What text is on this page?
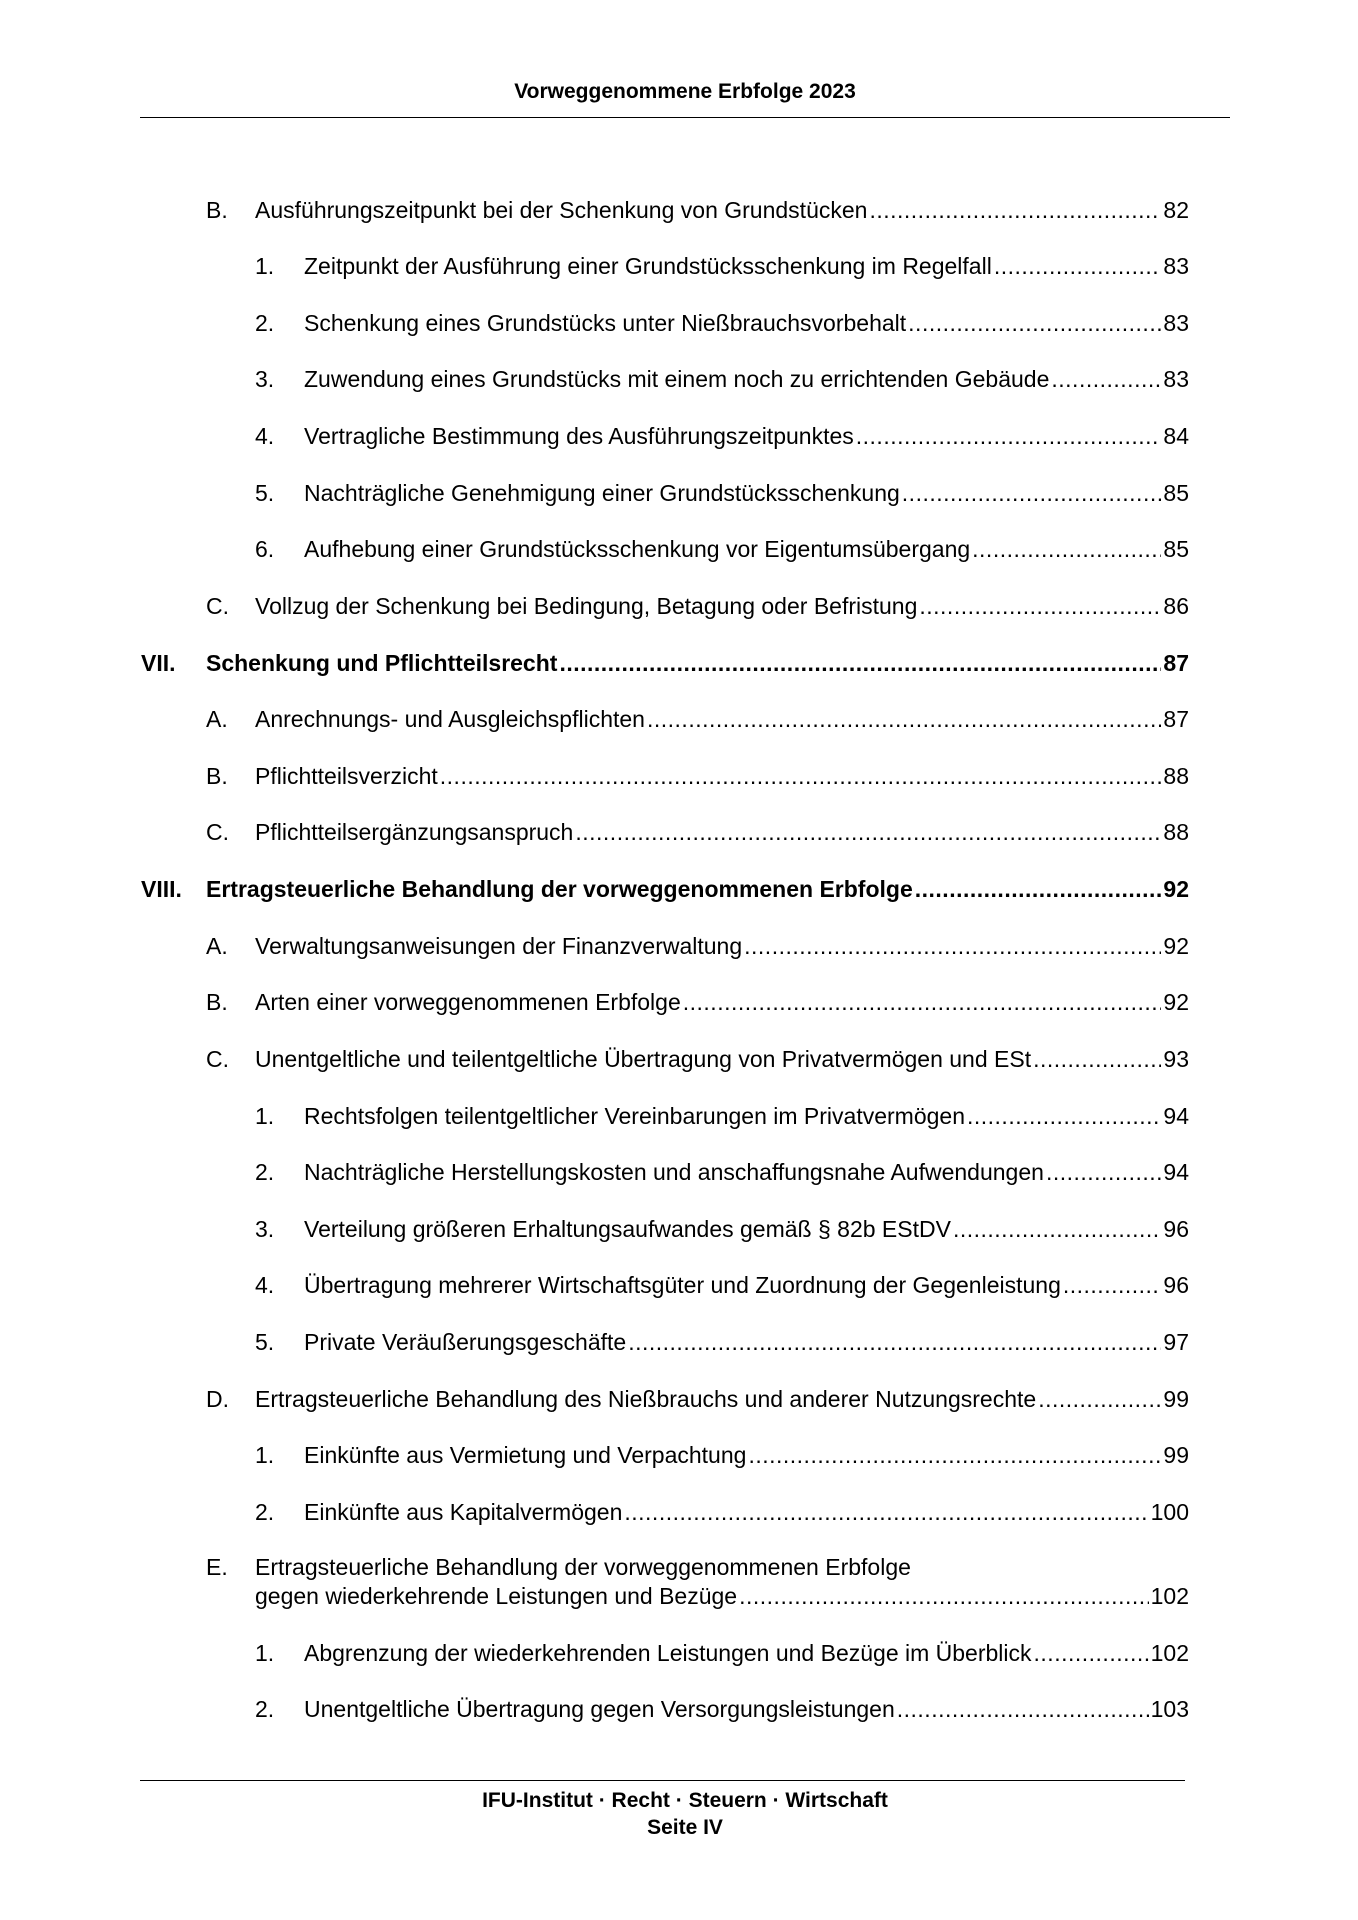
Vorweggenommene Erbfolge 2023
B. Ausführungszeitpunkt bei der Schenkung von Grundstücken .....	82
1. Zeitpunkt der Ausführung einer Grundstücksschenkung im Regelfall .....	83
2. Schenkung eines Grundstücks unter Nießbrauchsvorbehalt .....	83
3. Zuwendung eines Grundstücks mit einem noch zu errichtenden Gebäude .....	83
4. Vertragliche Bestimmung des Ausführungszeitpunktes .....	84
5. Nachträgliche Genehmigung einer Grundstücksschenkung .....	85
6. Aufhebung einer Grundstücksschenkung vor Eigentumsübergang .....	85
C. Vollzug der Schenkung bei Bedingung, Betagung oder Befristung .....	86
VII. Schenkung und Pflichtteilsrecht .....	87
A. Anrechnungs- und Ausgleichspflichten .....	87
B. Pflichtteilsverzicht .....	88
C. Pflichtteilsergänzungsanspruch .....	88
VIII. Ertragsteuerliche Behandlung der vorweggenommenen Erbfolge .....	92
A. Verwaltungsanweisungen der Finanzverwaltung .....	92
B. Arten einer vorweggenommenen Erbfolge .....	92
C. Unentgeltliche und teilentgeltliche Übertragung von Privatvermögen und ESt .....	93
1. Rechtsfolgen teilentgeltlicher Vereinbarungen im Privatvermögen .....	94
2. Nachträgliche Herstellungskosten und anschaffungsnahe Aufwendungen .....	94
3. Verteilung größeren Erhaltungsaufwandes gemäß § 82b EStDV .....	96
4. Übertragung mehrerer Wirtschaftsgüter und Zuordnung der Gegenleistung .....	96
5. Private Veräußerungsgeschäfte .....	97
D. Ertragsteuerliche Behandlung des Nießbrauchs und anderer Nutzungsrechte .....	99
1. Einkünfte aus Vermietung und Verpachtung .....	99
2. Einkünfte aus Kapitalvermögen .....	100
E. Ertragsteuerliche Behandlung der vorweggenommenen Erbfolge
gegen wiederkehrende Leistungen und Bezüge .....	102
1. Abgrenzung der wiederkehrenden Leistungen und Bezüge im Überblick .....	102
2. Unentgeltliche Übertragung gegen Versorgungsleistungen .....	103
IFU-Institut · Recht · Steuern · Wirtschaft
Seite IV
